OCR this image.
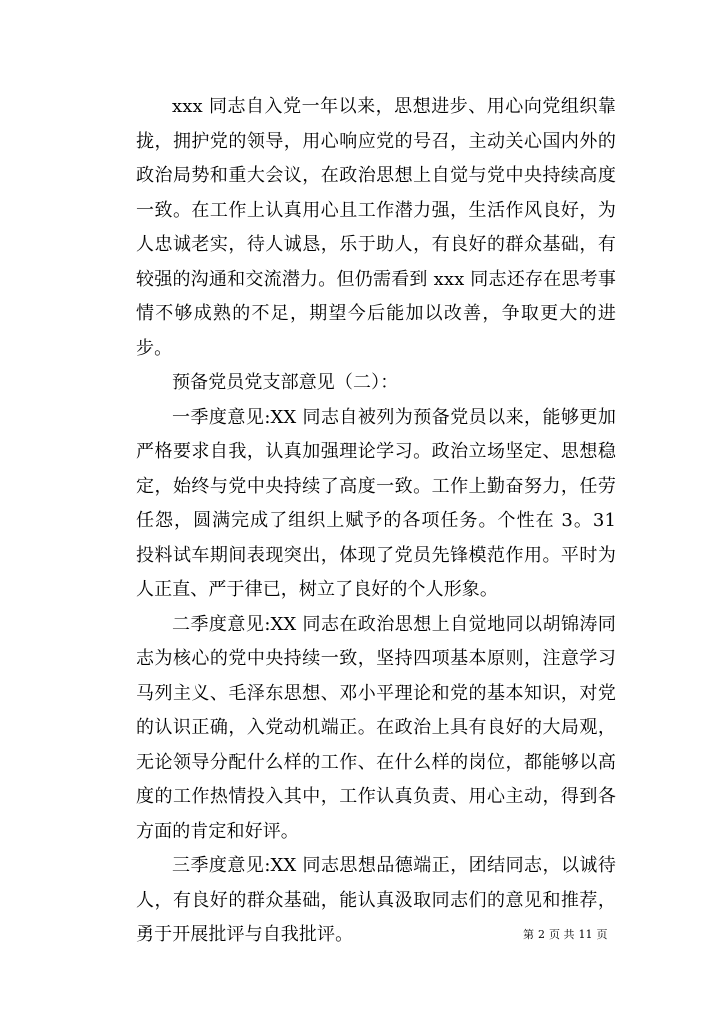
xxx 同志自入党一年以来，思想进步、用心向党组织靠拢，拥护党的领导，用心响应党的号召，主动关心国内外的政治局势和重大会议，在政治思想上自觉与党中央持续高度一致。在工作上认真用心且工作潜力强，生活作风良好，为人忠诚老实，待人诚恳，乐于助人，有良好的群众基础，有较强的沟通和交流潜力。但仍需看到 xxx 同志还存在思考事情不够成熟的不足，期望今后能加以改善，争取更大的进步。

预备党员党支部意见（二）：

一季度意见:XX 同志自被列为预备党员以来，能够更加严格要求自我，认真加强理论学习。政治立场坚定、思想稳定，始终与党中央持续了高度一致。工作上勤奋努力，任劳任怨，圆满完成了组织上赋予的各项任务。个性在 3。31 投料试车期间表现突出，体现了党员先锋模范作用。平时为人正直、严于律已，树立了良好的个人形象。

二季度意见:XX 同志在政治思想上自觉地同以胡锦涛同志为核心的党中央持续一致，坚持四项基本原则，注意学习马列主义、毛泽东思想、邓小平理论和党的基本知识，对党的认识正确，入党动机端正。在政治上具有良好的大局观，无论领导分配什么样的工作、在什么样的岗位，都能够以高度的工作热情投入其中，工作认真负责、用心主动，得到各方面的肯定和好评。

三季度意见:XX 同志思想品德端正，团结同志，以诚待人，有良好的群众基础，能认真汲取同志们的意见和推荐，勇于开展批评与自我批评。	第 2 页 共 11 页
